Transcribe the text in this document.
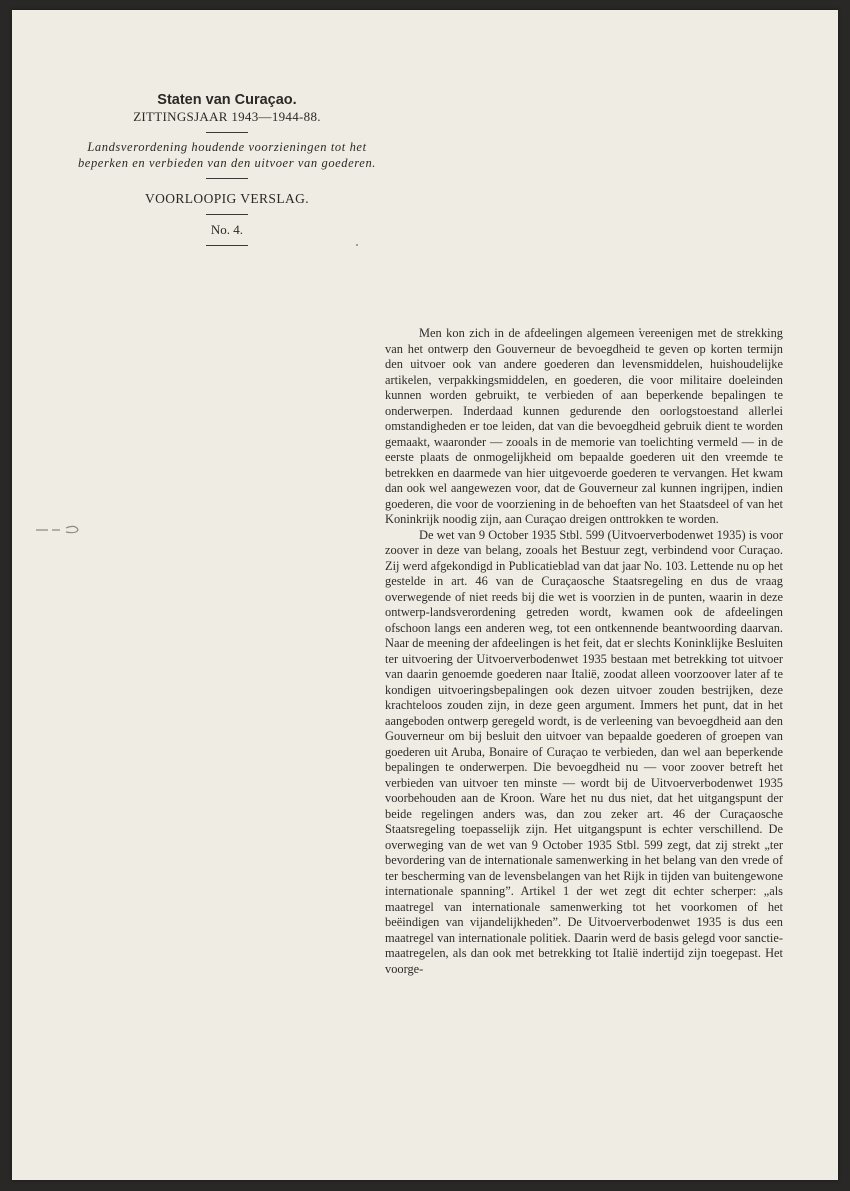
Staten van Curaçao.

ZITTINGSJAAR 1943—1944-88.

Landsverordening houdende voorzieningen tot het beperken en verbieden van den uitvoer van goederen.

VOORLOOPIG VERSLAG.

No. 4.

Men kon zich in de afdeelingen algemeen vereenigen met de strekking van het ontwerp den Gouverneur de bevoegdheid te geven op korten termijn den uitvoer ook van andere goederen dan levensmiddelen, huishoudelijke artikelen, verpakkingsmiddelen, en goederen, die voor militaire doeleinden kunnen worden gebruikt, te verbieden of aan beperkende bepalingen te onderwerpen. Inderdaad kunnen gedurende den oorlogstoestand allerlei omstandigheden er toe leiden, dat van die bevoegdheid gebruik dient te worden gemaakt, waaronder — zooals in de memorie van toelichting vermeld — in de eerste plaats de onmogelijkheid om bepaalde goederen uit den vreemde te betrekken en daarmede van hier uitgevoerde goederen te vervangen. Het kwam dan ook wel aangewezen voor, dat de Gouverneur zal kunnen ingrijpen, indien goederen, die voor de voorziening in de behoeften van het Staatsdeel of van het Koninkrijk noodig zijn, aan Curaçao dreigen onttrokken te worden.

De wet van 9 October 1935 Stbl. 599 (Uitvoerverbodenwet 1935) is voor zoover in deze van belang, zooals het Bestuur zegt, verbindend voor Curaçao. Zij werd afgekondigd in Publicatieblad van dat jaar No. 103. Lettende nu op het gestelde in art. 46 van de Curaçaosche Staatsregeling en dus de vraag overwegende of niet reeds bij die wet is voorzien in de punten, waarin in deze ontwerp-landsverordening getreden wordt, kwamen ook de afdeelingen ofschoon langs een anderen weg, tot een ontkennende beantwoording daarvan. Naar de meening der afdeelingen is het feit, dat er slechts Koninklijke Besluiten ter uitvoering der Uitvoerverbodenwet 1935 bestaan met betrekking tot uitvoer van daarin genoemde goederen naar Italië, zoodat alleen voorzoover later af te kondigen uitvoeringsbepalingen ook dezen uitvoer zouden bestrijken, deze krachteloos zouden zijn, in deze geen argument. Immers het punt, dat in het aangeboden ontwerp geregeld wordt, is de verleening van bevoegdheid aan den Gouverneur om bij besluit den uitvoer van bepaalde goederen of groepen van goederen uit Aruba, Bonaire of Curaçao te verbieden, dan wel aan beperkende bepalingen te onderwerpen. Die bevoegdheid nu — voor zoover betreft het verbieden van uitvoer ten minste — wordt bij de Uitvoerverbodenwet 1935 voorbehouden aan de Kroon. Ware het nu dus niet, dat het uitgangspunt der beide regelingen anders was, dan zou zeker art. 46 der Curaçaosche Staatsregeling toepasselijk zijn. Het uitgangspunt is echter verschillend. De overweging van de wet van 9 October 1935 Stbl. 599 zegt, dat zij strekt „ter bevordering van de internationale samenwerking in het belang van den vrede of ter bescherming van de levensbelangen van het Rijk in tijden van buitengewone internationale spanning”. Artikel 1 der wet zegt dit echter scherper: „als maatregel van internationale samenwerking tot het voorkomen of het beëindigen van vijandelijkheden”. De Uitvoerverbodenwet 1935 is dus een maatregel van internationale politiek. Daarin werd de basis gelegd voor sanctie-maatregelen, als dan ook met betrekking tot Italië indertijd zijn toegepast. Het voorge-
